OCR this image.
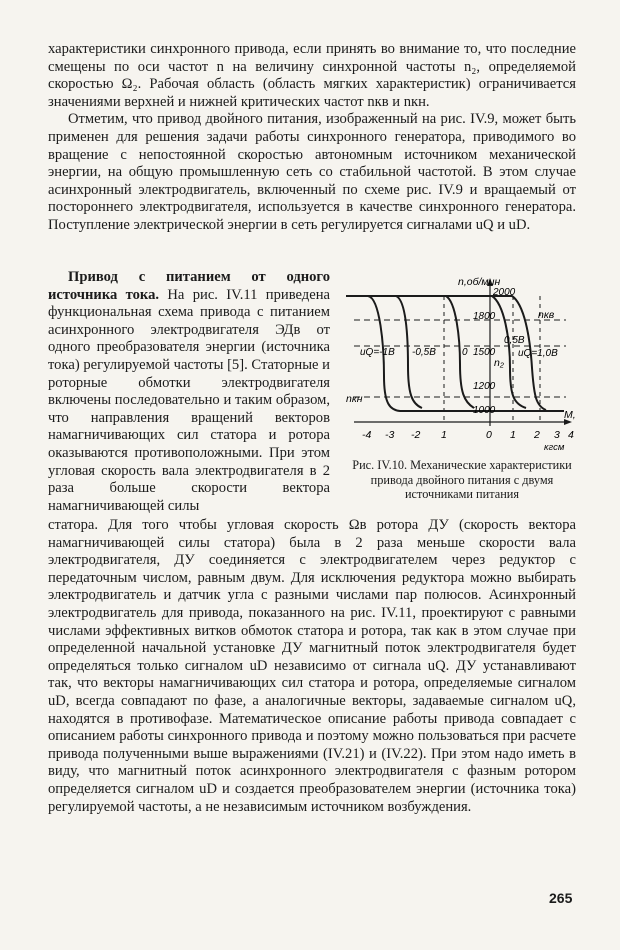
характеристики синхронного привода, если принять во внимание то, что последние смещены по оси частот n на величину синхронной частоты n₂, определяемой скоростью Ω₂. Рабочая область (область мягких характеристик) ограничивается значениями верхней и нижней критических частот nкв и nкн.

Отметим, что привод двойного питания, изображенный на рис. IV.9, может быть применен для решения задачи работы синхронного генератора, приводимого во вращение с непостоянной скоростью автономным источником механической энергии, на общую промышленную сеть со стабильной частотой. В этом случае асинхронный электродвигатель, включенный по схеме рис. IV.9 и вращаемый от постороннего электродвигателя, используется в качестве синхронного генератора. Поступление электрической энергии в сеть регулируется сигналами uQ и uD.

Привод с питанием от одного источника тока. На рис. IV.11 приведена функциональная схема привода с питанием асинхронного электродвигателя ЭДв от одного преобразователя энергии (источника тока) регулируемой частоты [5]. Статорные и роторные обмотки электродвигателя включены последовательно и таким образом, что направления вращений векторов намагничивающих сил статора и ротора оказываются противоположными. При этом угловая скорость вала электродвигателя в 2 раза больше скорости вектора намагничивающей силы

n,об/мин
2000
1800
1500
1200
1000
nкв
nкн
n₂
uQ=-1B -0,5B	0
0,5B
uQ=1,0B
M,
-4 -3 -2 1	0 1 2 3 4
кгсм
Рис. IV.10. Механические характеристики привода двойного питания с двумя источниками питания

статора. Для того чтобы угловая скорость Ωв ротора ДУ (скорость вектора намагничивающей силы статора) была в 2 раза меньше скорости вала электродвигателя, ДУ соединяется с электродвигателем через редуктор с передаточным числом, равным двум. Для исключения редуктора можно выбирать электродвигатель и датчик угла с разными числами пар полюсов. Асинхронный электродвигатель для привода, показанного на рис. IV.11, проектируют с равными числами эффективных витков обмоток статора и ротора, так как в этом случае при определенной начальной установке ДУ магнитный поток электродвигателя будет определяться только сигналом uD независимо от сигнала uQ. ДУ устанавливают так, что векторы намагничивающих сил статора и ротора, определяемые сигналом uD, всегда совпадают по фазе, а аналогичные векторы, задаваемые сигналом uQ, находятся в противофазе. Математическое описание работы привода совпадает с описанием работы синхронного привода и поэтому можно пользоваться при расчете привода полученными выше выражениями (IV.21) и (IV.22). При этом надо иметь в виду, что магнитный поток асинхронного электродвигателя с фазным ротором определяется сигналом uD и создается преобразователем энергии (источника тока) регулируемой частоты, а не независимым источником возбуждения.

265
